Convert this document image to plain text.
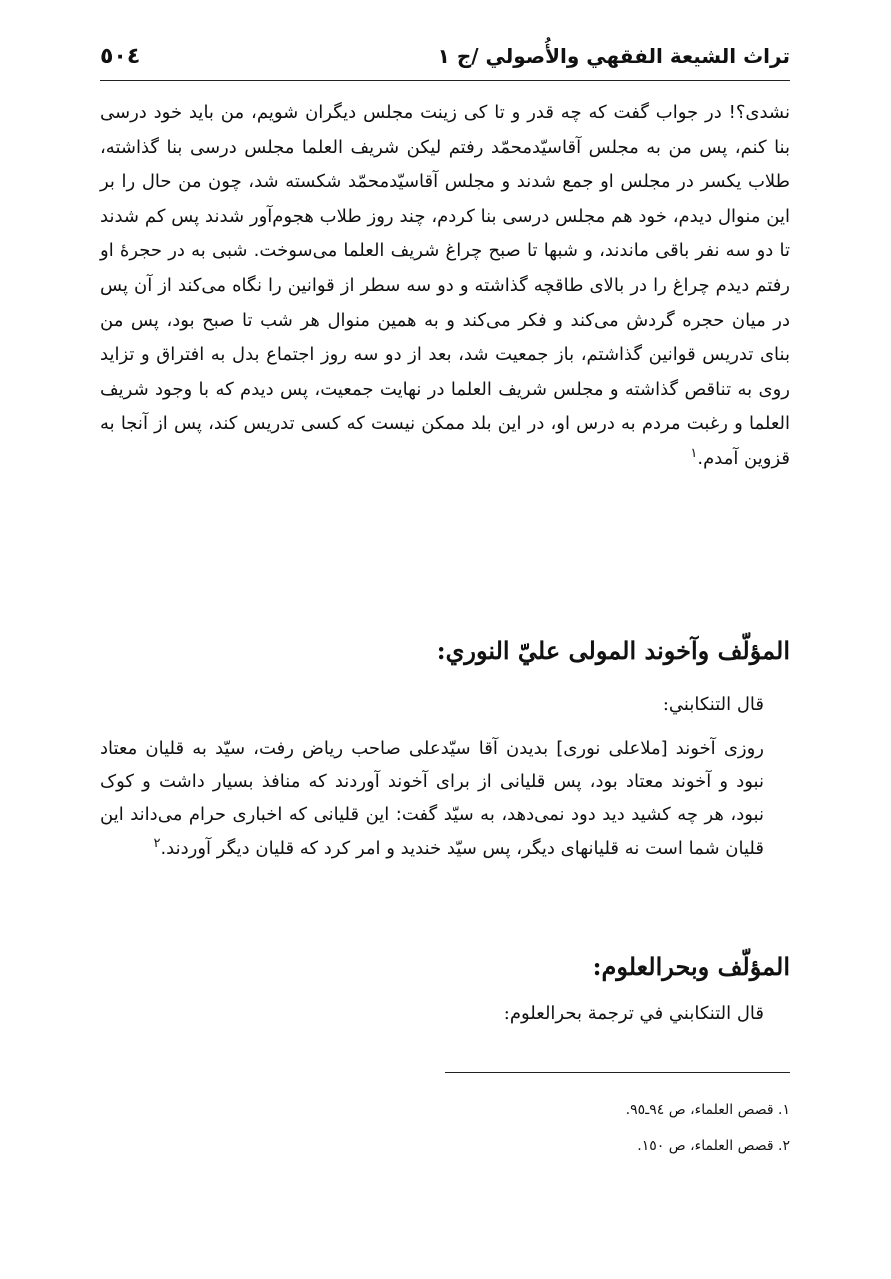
تراث الشيعة الفقهي والأُصولي /ج ١
٥٠٤

نشدی؟! در جواب گفت که چه قدر و تا کی زینت مجلس دیگران شویم، من باید خود درسی بنا کنم، پس من به مجلس آقاسیّدمحمّد رفتم لیکن شریف العلما مجلس درسی بنا گذاشته، طلاب یکسر در مجلس او جمع شدند و مجلس آقاسیّدمحمّد شکسته شد، چون من حال را بر این منوال دیدم، خود هم مجلس درسی بنا کردم، چند روز طلاب هجوم‌آور شدند پس کم شدند تا دو سه نفر باقی ماندند، و شبها تا صبح چراغ شریف العلما می‌سوخت. شبی به در حجرهٔ او رفتم دیدم چراغ را در بالای طاقچه گذاشته و دو سه سطر از قوانین را نگاه می‌کند از آن پس در میان حجره گردش می‌کند و فکر می‌کند و به همین منوال هر شب تا صبح بود، پس من بنای تدریس قوانین گذاشتم، باز جمعیت شد، بعد از دو سه روز اجتماع بدل به افتراق و تزاید روی به تناقص گذاشته و مجلس شریف العلما در نهایت جمعیت، پس دیدم که با وجود شریف العلما و رغبت مردم به درس او، در این بلد ممکن نیست که کسی تدریس کند، پس از آنجا به قزوین آمدم.$^١$

المؤلّف وآخوند المولى عليّ النوري:
قال التنكابني:

روزی آخوند [ملاعلی نوری] بدیدن آقا سیّدعلی صاحب ریاض رفت، سیّد به قلیان معتاد نبود و آخوند معتاد بود، پس قلیانی از برای آخوند آوردند که منافذ بسیار داشت و کوک نبود، هر چه کشید دید دود نمی‌دهد، به سیّد گفت: این قلیانی که اخباری حرام می‌داند این قلیان شما است نه قلیانهای دیگر، پس سیّد خندید و امر کرد که قلیان دیگر آوردند.$^٢$

المؤلّف وبحرالعلوم:
قال التنكابني في ترجمة بحرالعلوم:
١. قصص العلماء، ص ٩٤ـ٩٥.
٢. قصص العلماء، ص ١٥٠.
